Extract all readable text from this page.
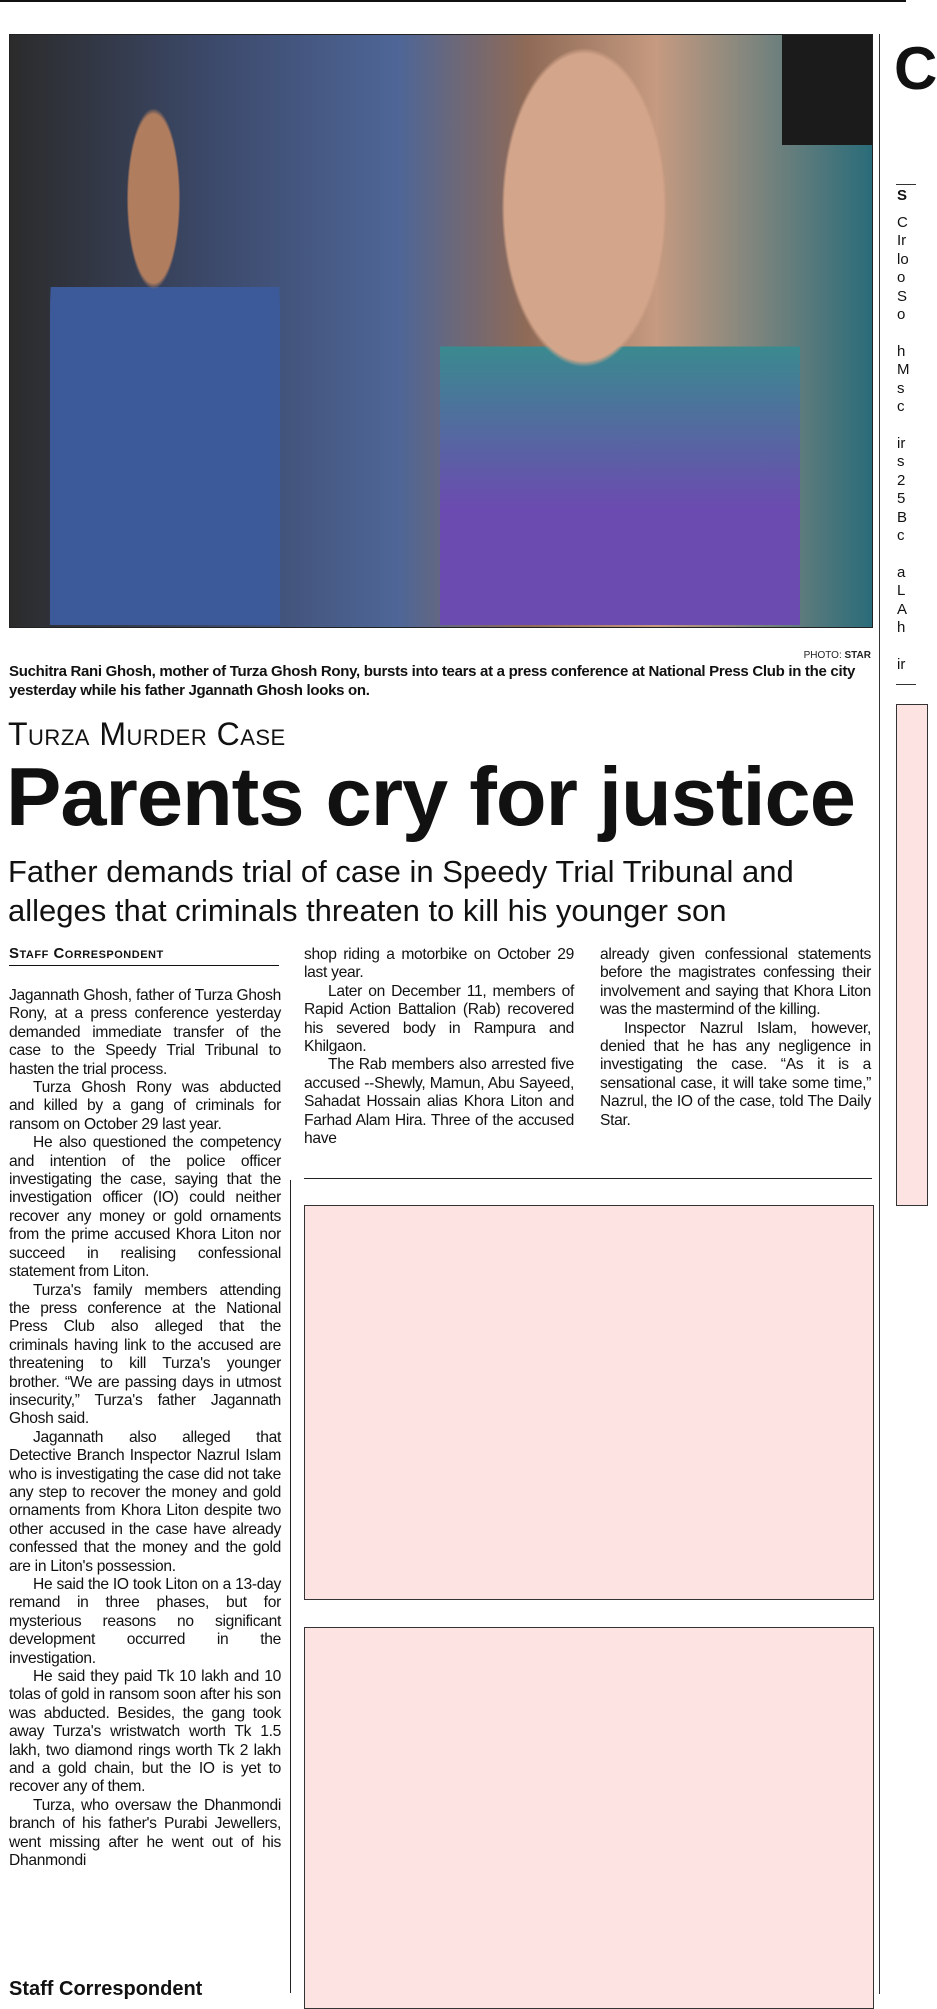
PHOTO: STAR
Suchitra Rani Ghosh, mother of Turza Ghosh Rony, bursts into tears at a press conference at National Press Club in the city yesterday while his father Jgannath Ghosh looks on.
Turza Murder Case
Parents cry for justice
Father demands trial of case in Speedy Trial Tribunal and alleges that criminals threaten to kill his younger son
Staff Correspondent

Jagannath Ghosh, father of Turza Ghosh Rony, at a press conference yesterday demanded immediate transfer of the case to the Speedy Trial Tribunal to hasten the trial process.

Turza Ghosh Rony was abducted and killed by a gang of criminals for ransom on October 29 last year.

He also questioned the competency and intention of the police officer investigating the case, saying that the investigation officer (IO) could neither recover any money or gold ornaments from the prime accused Khora Liton nor succeed in realising confessional statement from Liton.

Turza's family members attending the press conference at the National Press Club also alleged that the criminals having link to the accused are threatening to kill Turza's younger brother. “We are passing days in utmost insecurity,” Turza's father Jagannath Ghosh said.

Jagannath also alleged that Detective Branch Inspector Nazrul Islam who is investigating the case did not take any step to recover the money and gold ornaments from Khora Liton despite two other accused in the case have already confessed that the money and the gold are in Liton's possession.

He said the IO took Liton on a 13-day remand in three phases, but for mysterious reasons no significant development occurred in the investigation.

He said they paid Tk 10 lakh and 10 tolas of gold in ransom soon after his son was abducted. Besides, the gang took away Turza's wristwatch worth Tk 1.5 lakh, two diamond rings worth Tk 2 lakh and a gold chain, but the IO is yet to recover any of them.

Turza, who oversaw the Dhanmondi branch of his father's Purabi Jewellers, went missing after he went out of his Dhanmondi

shop riding a motorbike on October 29 last year.

Later on December 11, members of Rapid Action Battalion (Rab) recovered his severed body in Rampura and Khilgaon.

The Rab members also arrested five accused --Shewly, Mamun, Abu Sayeed, Sahadat Hossain alias Khora Liton and Farhad Alam Hira. Three of the accused have

already given confessional statements before the magistrates confessing their involvement and saying that Khora Liton was the mastermind of the killing.

Inspector Nazrul Islam, however, denied that he has any negligence in investigating the case. “As it is a sensational case, it will take some time,” Nazrul, the IO of the case, told The Daily Star.

C
S
C
Ir
lo
o
S
o
h
M
s
c
ir
s
2
5
B
c
a
L
A
h
ir
Staff Correspondent
